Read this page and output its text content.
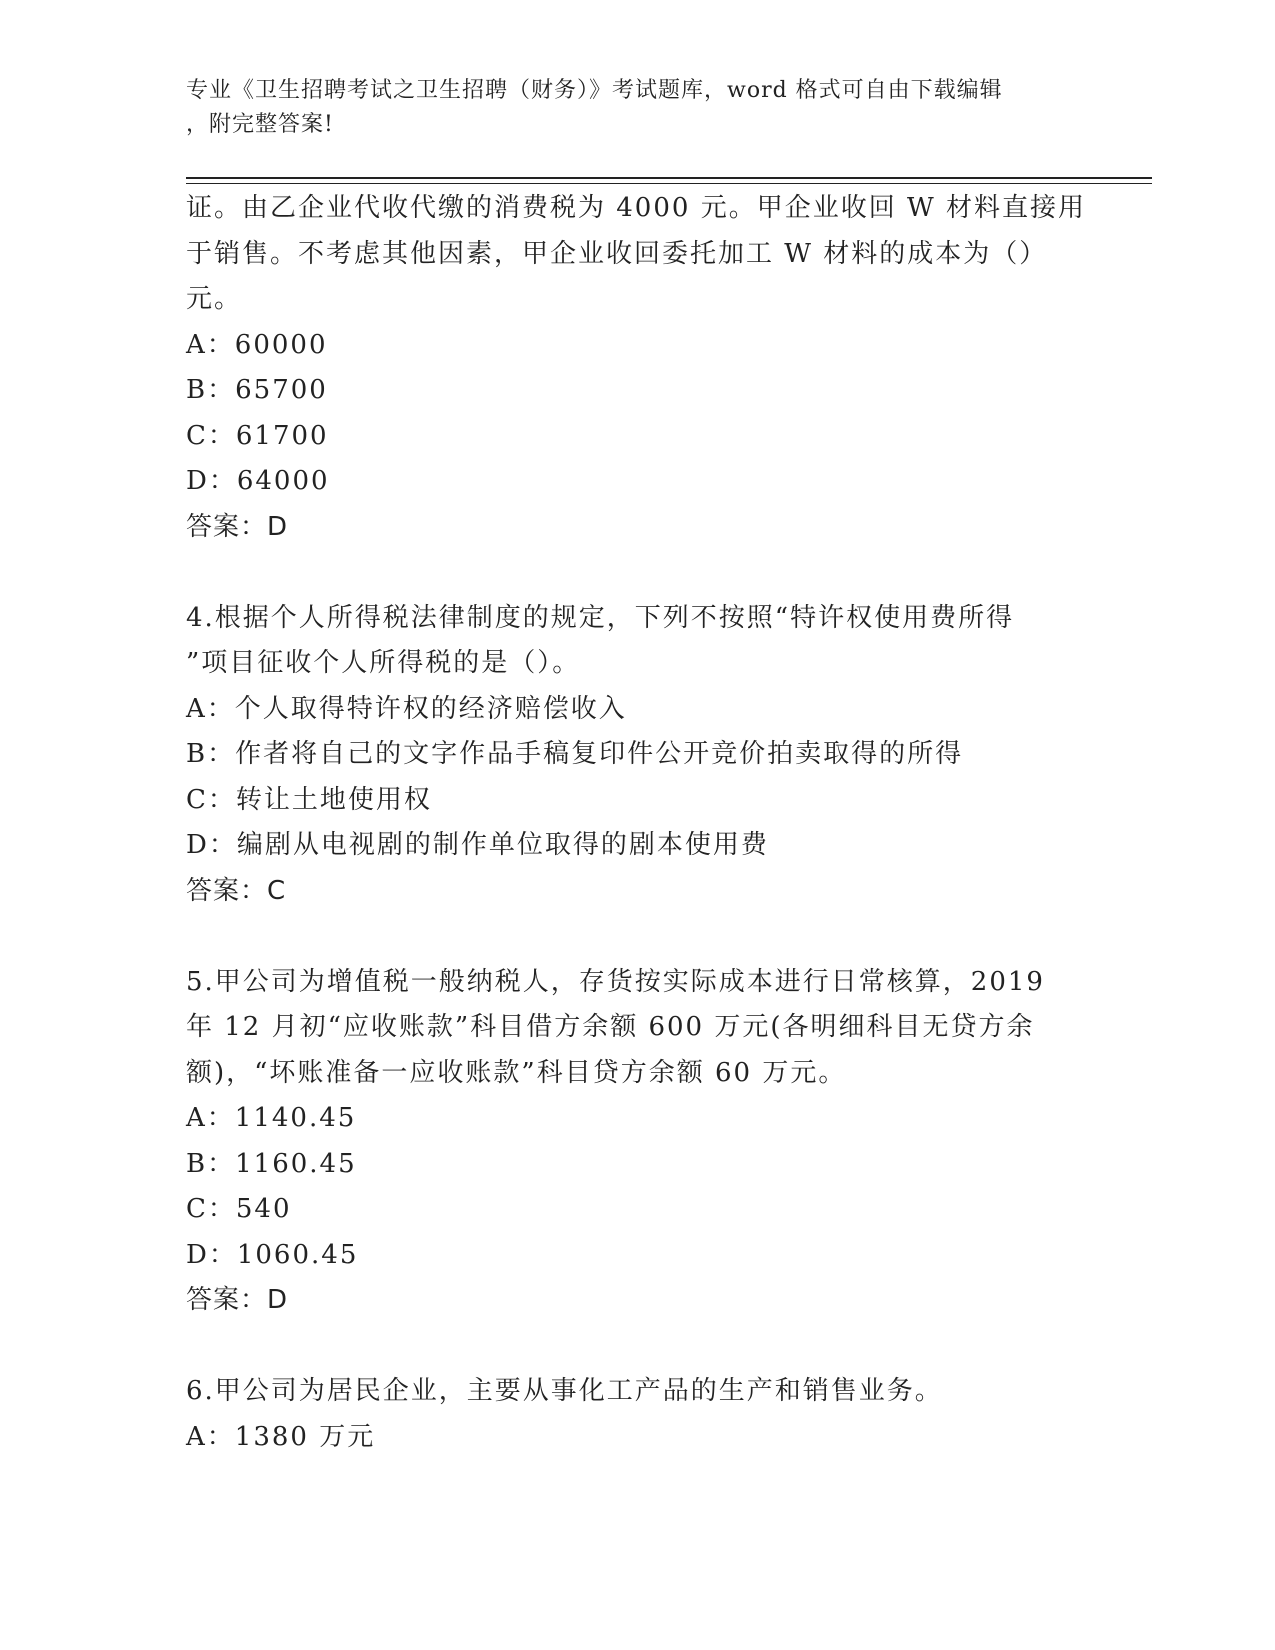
专业《卫生招聘考试之卫生招聘（财务）》考试题库，word 格式可自由下载编辑
，附完整答案!
证。由乙企业代收代缴的消费税为 4000 元。甲企业收回 W 材料直接用
于销售。不考虑其他因素，甲企业收回委托加工 W 材料的成本为（）
元。
A：60000
B：65700
C：61700
D：64000
答案：D
4.根据个人所得税法律制度的规定，下列不按照“特许权使用费所得
”项目征收个人所得税的是（）。
A：个人取得特许权的经济赔偿收入
B：作者将自己的文字作品手稿复印件公开竞价拍卖取得的所得
C：转让土地使用权
D：编剧从电视剧的制作单位取得的剧本使用费
答案：C
5.甲公司为增值税一般纳税人，存货按实际成本进行日常核算，2019
年 12 月初“应收账款”科目借方余额 600 万元(各明细科目无贷方余
额)，“坏账准备一应收账款”科目贷方余额 60 万元。
A：1140.45
B：1160.45
C：540
D：1060.45
答案：D
6.甲公司为居民企业，主要从事化工产品的生产和销售业务。
A：1380 万元
